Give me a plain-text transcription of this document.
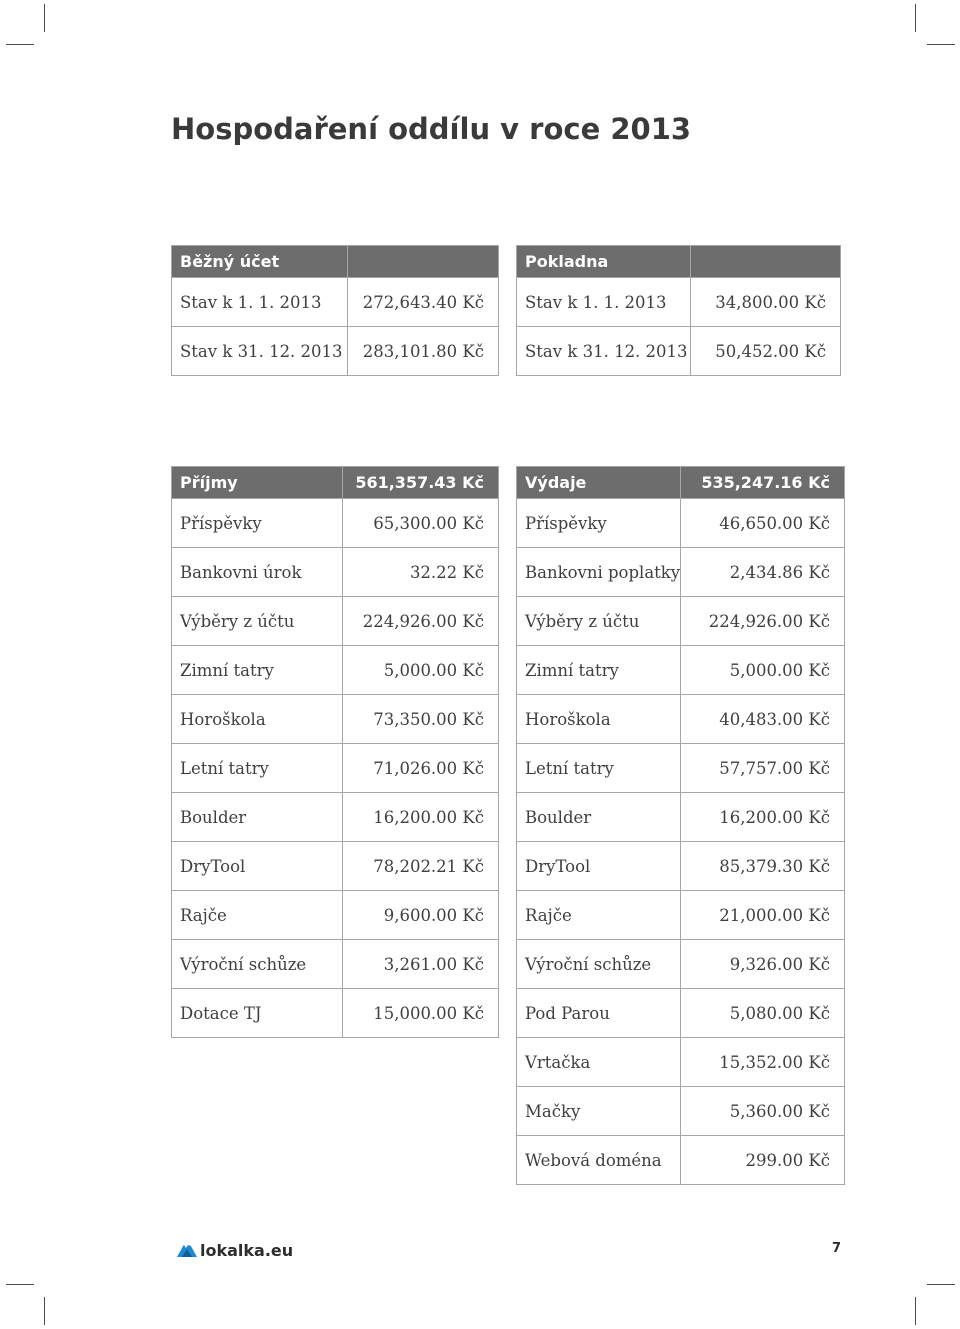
Hospodaření oddílu v roce 2013
Běžný účet	
Stav k 1. 1. 2013	272,643.40 Kč
Stav k 31. 12. 2013	283,101.80 Kč
Pokladna	
Stav k 1. 1. 2013	34,800.00 Kč
Stav k 31. 12. 2013	50,452.00 Kč
Příjmy	561,357.43 Kč
Příspěvky	65,300.00 Kč
Bankovni úrok	32.22 Kč
Výběry z účtu	224,926.00 Kč
Zimní tatry	5,000.00 Kč
Horoškola	73,350.00 Kč
Letní tatry	71,026.00 Kč
Boulder	16,200.00 Kč
DryTool	78,202.21 Kč
Rajče	9,600.00 Kč
Výroční schůze	3,261.00 Kč
Dotace TJ	15,000.00 Kč
Výdaje	535,247.16 Kč
Příspěvky	46,650.00 Kč
Bankovni poplatky	2,434.86 Kč
Výběry z účtu	224,926.00 Kč
Zimní tatry	5,000.00 Kč
Horoškola	40,483.00 Kč
Letní tatry	57,757.00 Kč
Boulder	16,200.00 Kč
DryTool	85,379.30 Kč
Rajče	21,000.00 Kč
Výroční schůze	9,326.00 Kč
Pod Parou	5,080.00 Kč
Vrtačka	15,352.00 Kč
Mačky	5,360.00 Kč
Webová doména	299.00 Kč
lokalka.eu	7
